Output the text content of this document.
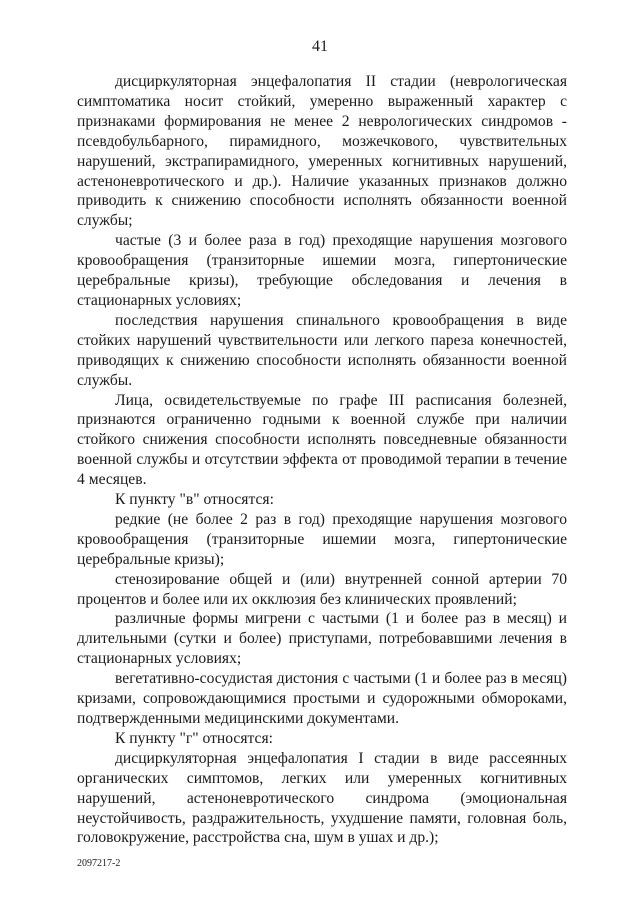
41

дисциркуляторная энцефалопатия II стадии (неврологическая симптоматика носит стойкий, умеренно выраженный характер с признаками формирования не менее 2 неврологических синдромов - псевдобульбарного, пирамидного, мозжечкового, чувствительных нарушений, экстрапирамидного, умеренных когнитивных нарушений, астеноневротического и др.). Наличие указанных признаков должно приводить к снижению способности исполнять обязанности военной службы;

частые (3 и более раза в год) преходящие нарушения мозгового кровообращения (транзиторные ишемии мозга, гипертонические церебральные кризы), требующие обследования и лечения в стационарных условиях;

последствия нарушения спинального кровообращения в виде стойких нарушений чувствительности или легкого пареза конечностей, приводящих к снижению способности исполнять обязанности военной службы.

Лица, освидетельствуемые по графе III расписания болезней, признаются ограниченно годными к военной службе при наличии стойкого снижения способности исполнять повседневные обязанности военной службы и отсутствии эффекта от проводимой терапии в течение 4 месяцев.

К пункту "в" относятся:

редкие (не более 2 раз в год) преходящие нарушения мозгового кровообращения (транзиторные ишемии мозга, гипертонические церебральные кризы);

стенозирование общей и (или) внутренней сонной артерии 70 процентов и более или их окклюзия без клинических проявлений;

различные формы мигрени с частыми (1 и более раз в месяц) и длительными (сутки и более) приступами, потребовавшими лечения в стационарных условиях;

вегетативно-сосудистая дистония с частыми (1 и более раз в месяц) кризами, сопровождающимися простыми и судорожными обмороками, подтвержденными медицинскими документами.

К пункту "г" относятся:

дисциркуляторная энцефалопатия I стадии в виде рассеянных органических симптомов, легких или умеренных когнитивных нарушений, астеноневротического синдрома (эмоциональная неустойчивость, раздражительность, ухудшение памяти, головная боль, головокружение, расстройства сна, шум в ушах и др.);

2097217-2
